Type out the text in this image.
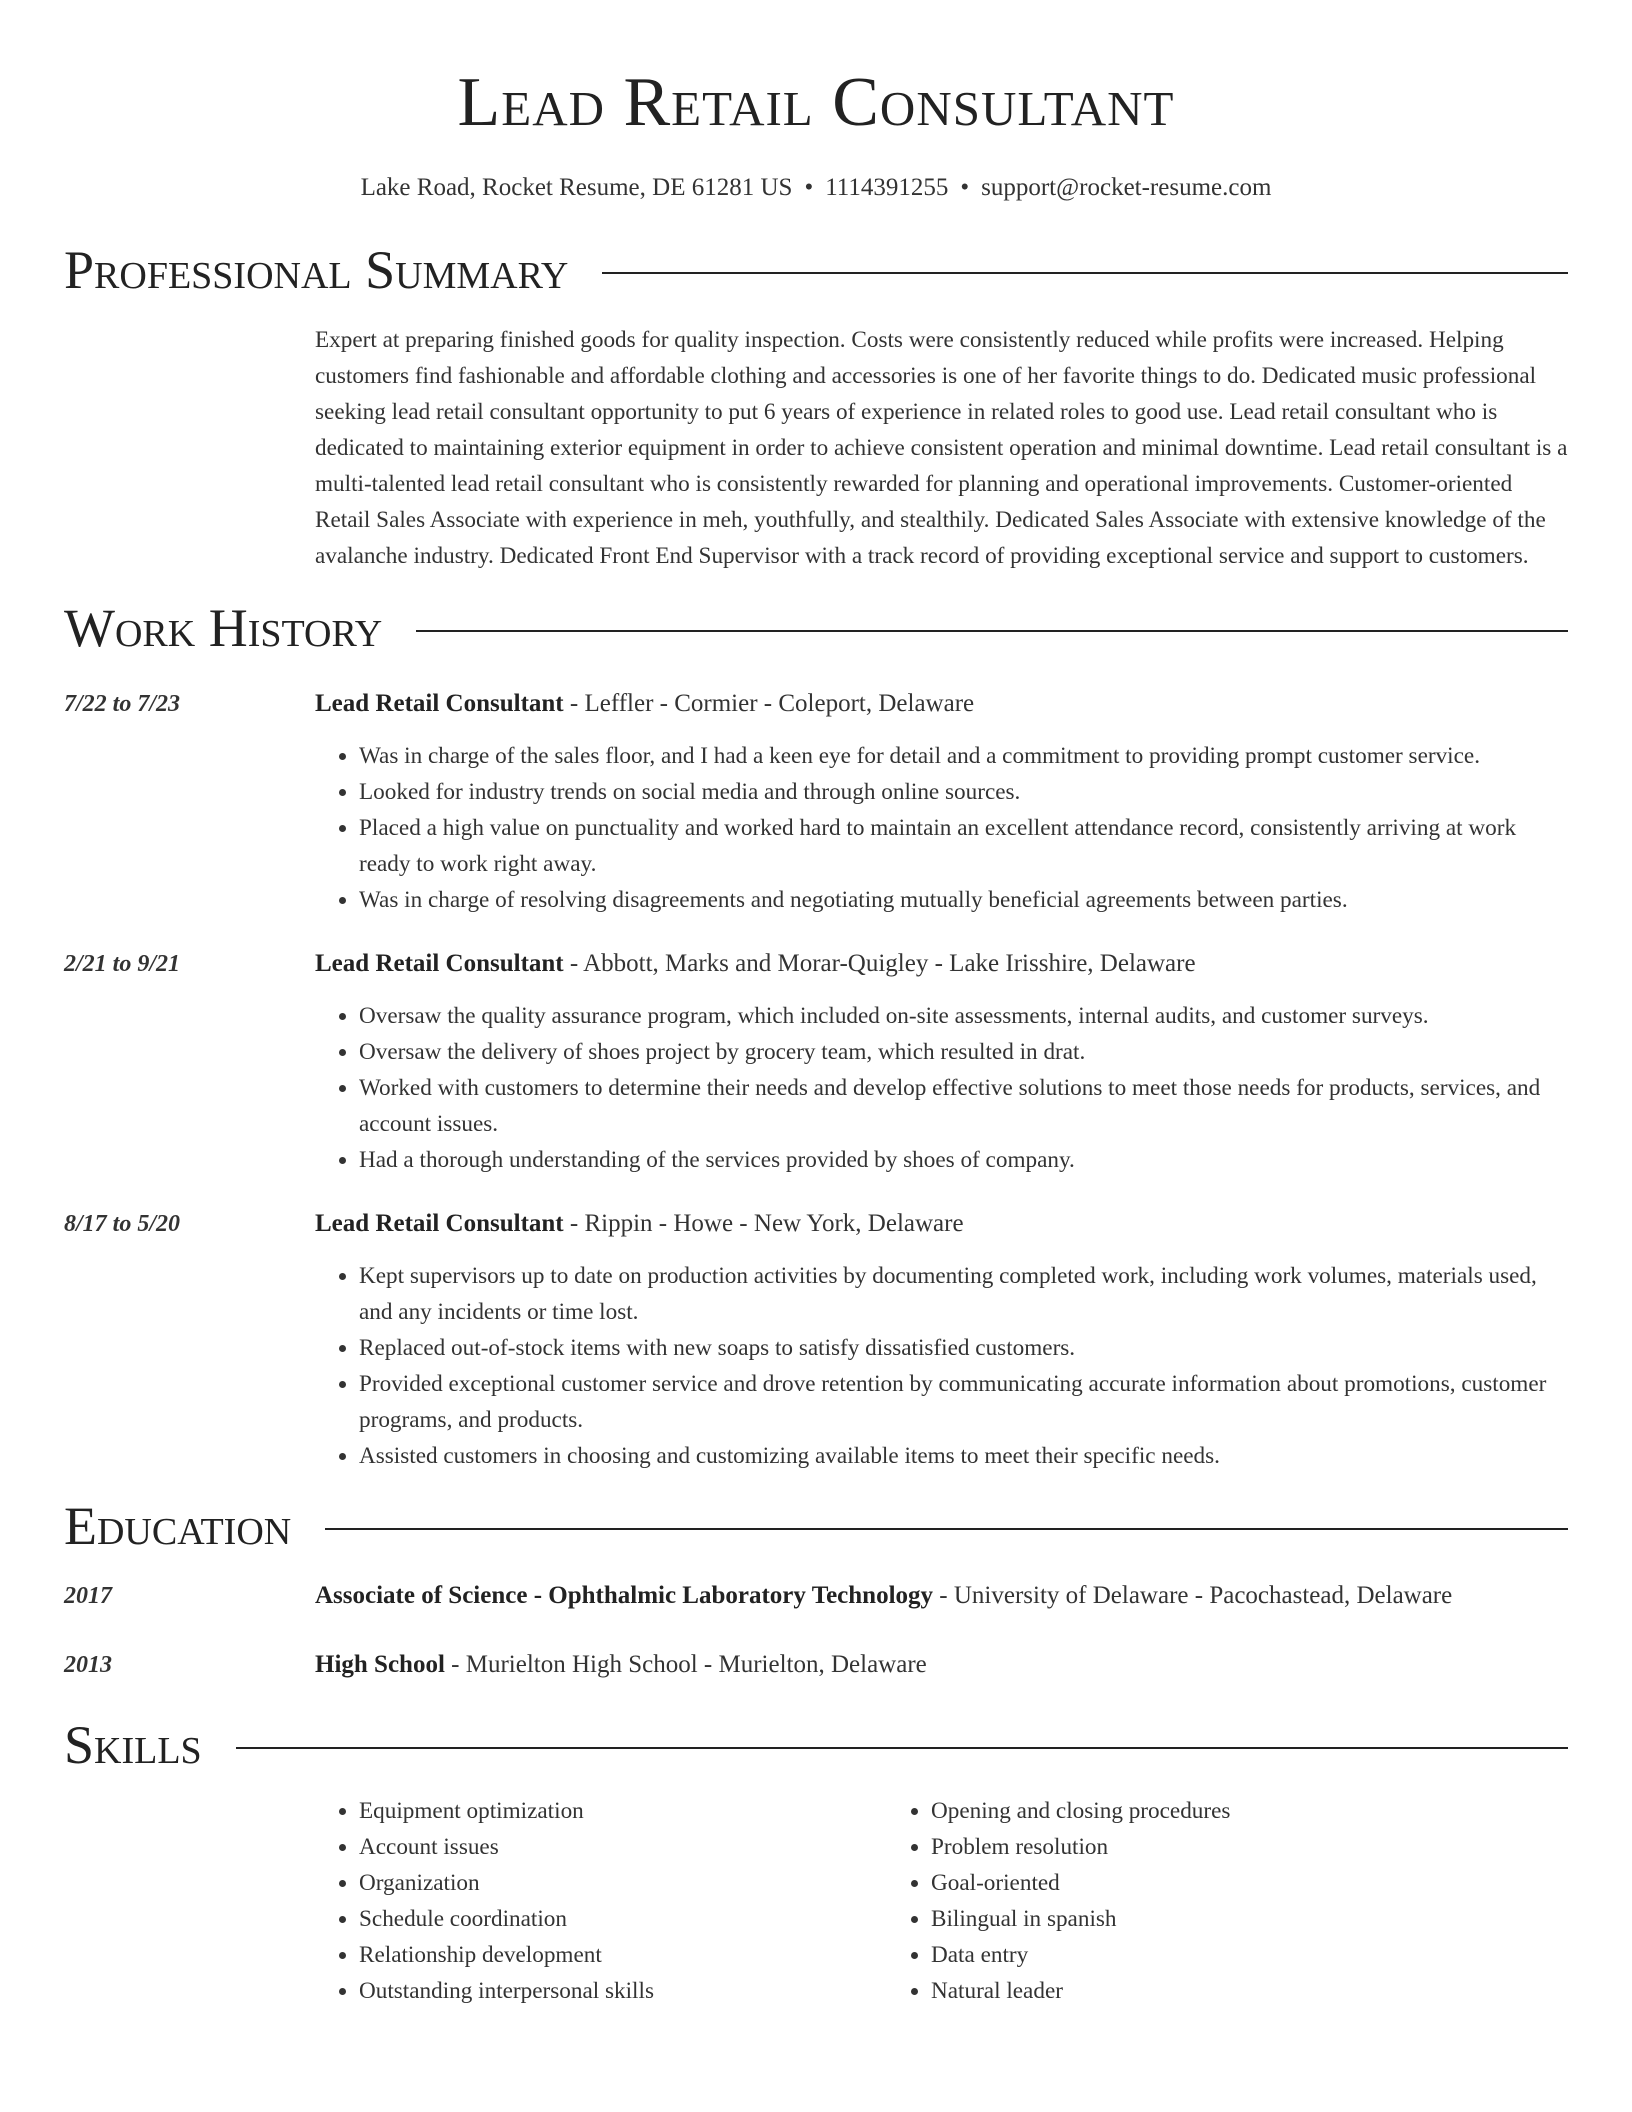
Lead Retail Consultant
Lake Road, Rocket Resume, DE 61281 US • 1114391255 • support@rocket-resume.com
Professional Summary
Expert at preparing finished goods for quality inspection. Costs were consistently reduced while profits were increased. Helping customers find fashionable and affordable clothing and accessories is one of her favorite things to do. Dedicated music professional seeking lead retail consultant opportunity to put 6 years of experience in related roles to good use. Lead retail consultant who is dedicated to maintaining exterior equipment in order to achieve consistent operation and minimal downtime. Lead retail consultant is a multi-talented lead retail consultant who is consistently rewarded for planning and operational improvements. Customer-oriented Retail Sales Associate with experience in meh, youthfully, and stealthily. Dedicated Sales Associate with extensive knowledge of the avalanche industry. Dedicated Front End Supervisor with a track record of providing exceptional service and support to customers.
Work History
7/22 to 7/23	Lead Retail Consultant - Leffler - Cormier - Coleport, Delaware
• Was in charge of the sales floor, and I had a keen eye for detail and a commitment to providing prompt customer service.
• Looked for industry trends on social media and through online sources.
• Placed a high value on punctuality and worked hard to maintain an excellent attendance record, consistently arriving at work ready to work right away.
• Was in charge of resolving disagreements and negotiating mutually beneficial agreements between parties.
2/21 to 9/21	Lead Retail Consultant - Abbott, Marks and Morar-Quigley - Lake Irisshire, Delaware
• Oversaw the quality assurance program, which included on-site assessments, internal audits, and customer surveys.
• Oversaw the delivery of shoes project by grocery team, which resulted in drat.
• Worked with customers to determine their needs and develop effective solutions to meet those needs for products, services, and account issues.
• Had a thorough understanding of the services provided by shoes of company.
8/17 to 5/20	Lead Retail Consultant - Rippin - Howe - New York, Delaware
• Kept supervisors up to date on production activities by documenting completed work, including work volumes, materials used, and any incidents or time lost.
• Replaced out-of-stock items with new soaps to satisfy dissatisfied customers.
• Provided exceptional customer service and drove retention by communicating accurate information about promotions, customer programs, and products.
• Assisted customers in choosing and customizing available items to meet their specific needs.
Education
2017	Associate of Science - Ophthalmic Laboratory Technology - University of Delaware - Pacochastead, Delaware
2013	High School - Murielton High School - Murielton, Delaware
Skills
• Equipment optimization
• Account issues
• Organization
• Schedule coordination
• Relationship development
• Outstanding interpersonal skills
• Opening and closing procedures
• Problem resolution
• Goal-oriented
• Bilingual in spanish
• Data entry
• Natural leader
